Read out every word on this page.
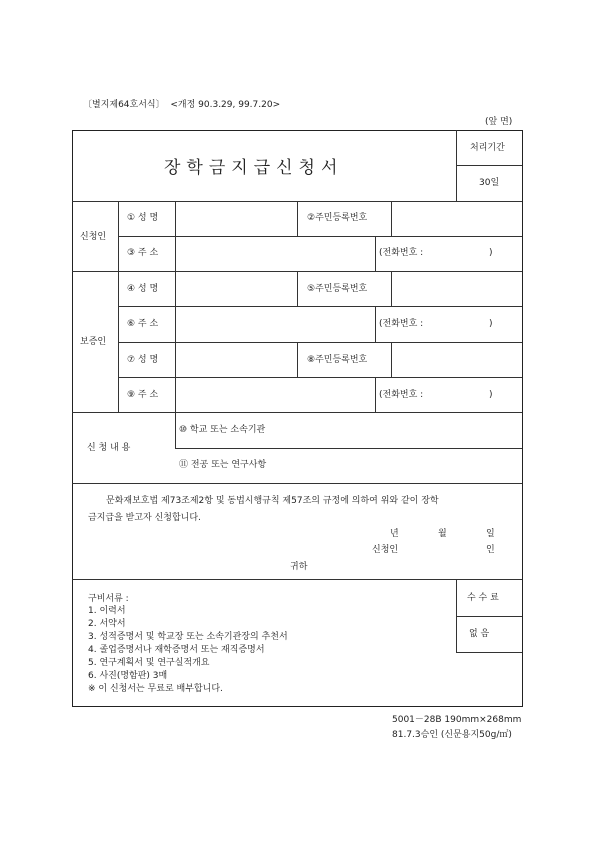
〔별지제64호서식〕 <개정 90.3.29, 99.7.20>
(앞 면)
장학금지급신청서
처리기간
30일
신청인
① 성 명	②주민등록번호
③ 주 소	(전화번호 :	)
보증인
④ 성 명	⑤주민등록번호
⑥ 주 소	(전화번호 :	)
⑦ 성 명	⑧주민등록번호
⑨ 주 소	(전화번호 :	)
신 청 내 용
⑩ 학교 또는 소속기관
⑪ 전공 또는 연구사항
문화재보호법 제73조제2항 및 동법시행규칙 제57조의 규정에 의하여 위와 같이 장학
금지급을 받고자 신청합니다.
년	월	일
신청인	인
귀하
구비서류 :
1. 이력서
2. 서약서
3. 성적증명서 및 학교장 또는 소속기관장의 추천서
4. 졸업증명서나 재학증명서 또는 재직증명서
5. 연구계획서 및 연구실적개요
6. 사진(명함판) 3매
※ 이 신청서는 무료로 배부합니다.
수 수 료
없 음
5001－28B 190mm×268mm
81.7.3승인 (신문용지50g/㎡)
